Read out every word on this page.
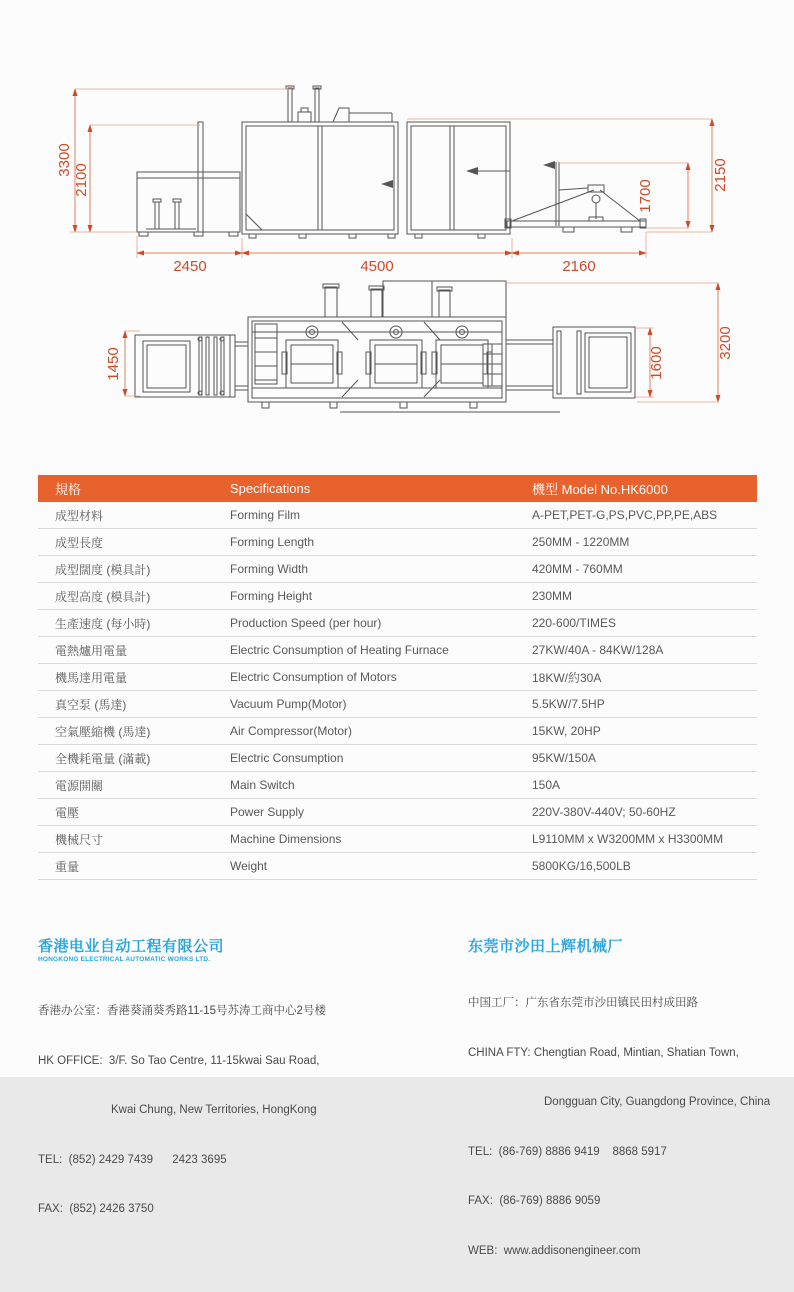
3300
2100
2450	4500	2160
1700
2150
1450	1600
3200
規格	Specifications	機型 Model No.HK6000
成型材料	Forming Film	A-PET,PET-G,PS,PVC,PP,PE,ABS
成型長度	Forming Length	250MM - 1220MM
成型闊度 (模具計)	Forming Width	420MM - 760MM
成型高度 (模具計)	Forming Height	230MM
生產速度 (每小時)	Production Speed (per hour)	220-600/TIMES
電熱爐用電量	Electric Consumption of Heating Furnace	27KW/40A - 84KW/128A
機馬達用電量	Electric Consumption of Motors	18KW/約30A
真空泵 (馬達)	Vacuum Pump(Motor)	5.5KW/7.5HP
空氣壓縮機 (馬達)	Air Compressor(Motor)	15KW, 20HP
全機耗電量 (滿載)	Electric Consumption	95KW/150A
電源開關	Main Switch	150A
電壓	Power Supply	220V-380V-440V; 50-60HZ
機械尺寸	Machine Dimensions	L9110MM x W3200MM x H3300MM
重量	Weight	5800KG/16,500LB
香港电业自动工程有限公司
HONGKONG ELECTRICAL AUTOMATIC WORKS LTD.

香港办公室：香港葵涌葵秀路11-15号苏涛工商中心2号楼

HK OFFICE:  3/F. So Tao Centre, 11-15kwai Sau Road,

Kwai Chung, New Territories, HongKong

TEL:  (852) 2429 7439      2423 3695

FAX:  (852) 2426 3750

东莞市沙田上辉机械厂

中国工厂：广东省东莞市沙田镇民田村成田路

CHINA FTY: Chengtian Road, Mintian, Shatian Town,

Dongguan City, Guangdong Province, China

TEL:  (86-769) 8886 9419    8868 5917

FAX:  (86-769) 8886 9059

WEB:  www.addisonengineer.com
